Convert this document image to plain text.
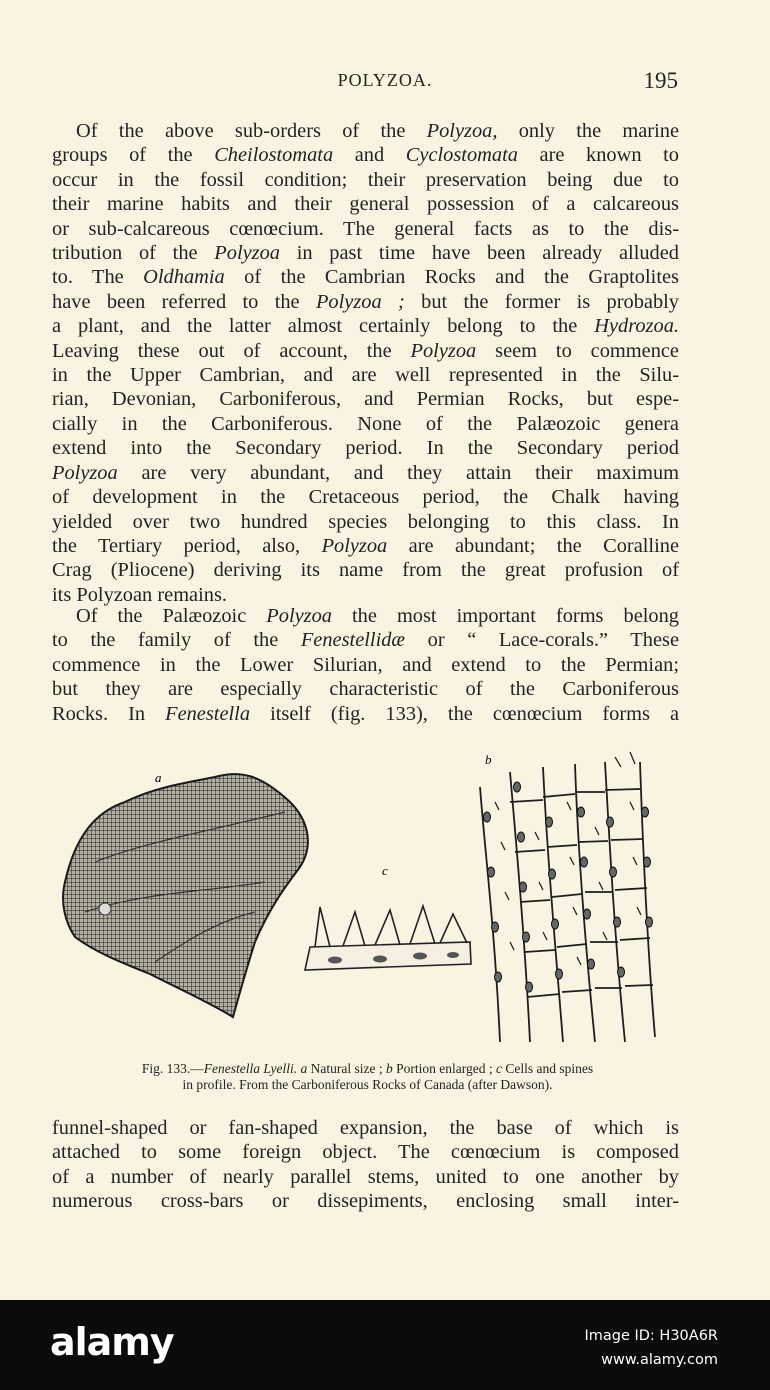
POLYZOA.	195

Of the above sub-orders of the Polyzoa, only the marine
groups of the Cheilostomata and Cyclostomata are known to
occur in the fossil condition; their preservation being due to
their marine habits and their general possession of a calcareous
or sub-calcareous cœnœcium. The general facts as to the dis-
tribution of the Polyzoa in past time have been already alluded
to. The Oldhamia of the Cambrian Rocks and the Graptolites
have been referred to the Polyzoa ; but the former is probably
a plant, and the latter almost certainly belong to the Hydrozoa.
Leaving these out of account, the Polyzoa seem to commence
in the Upper Cambrian, and are well represented in the Silu-
rian, Devonian, Carboniferous, and Permian Rocks, but espe-
cially in the Carboniferous. None of the Palæozoic genera
extend into the Secondary period. In the Secondary period
Polyzoa are very abundant, and they attain their maximum
of development in the Cretaceous period, the Chalk having
yielded over two hundred species belonging to this class. In
the Tertiary period, also, Polyzoa are abundant; the Coralline
Crag (Pliocene) deriving its name from the great profusion of
its Polyzoan remains.

Of the Palæozoic Polyzoa the most important forms belong
to the family of the Fenestellidæ or “ Lace-corals.” These
commence in the Lower Silurian, and extend to the Permian;
but they are especially characteristic of the Carboniferous
Rocks. In Fenestella itself (fig. 133), the cœnœcium forms a

a
c
b
Fig. 133.—Fenestella Lyelli. a Natural size ; b Portion enlarged ; c Cells and spines
in profile. From the Carboniferous Rocks of Canada (after Dawson).

funnel-shaped or fan-shaped expansion, the base of which is
attached to some foreign object. The cœnœcium is composed
of a number of nearly parallel stems, united to one another by
numerous cross-bars or dissepiments, enclosing small inter-

alamy	Image ID: H30A6R
www.alamy.com
